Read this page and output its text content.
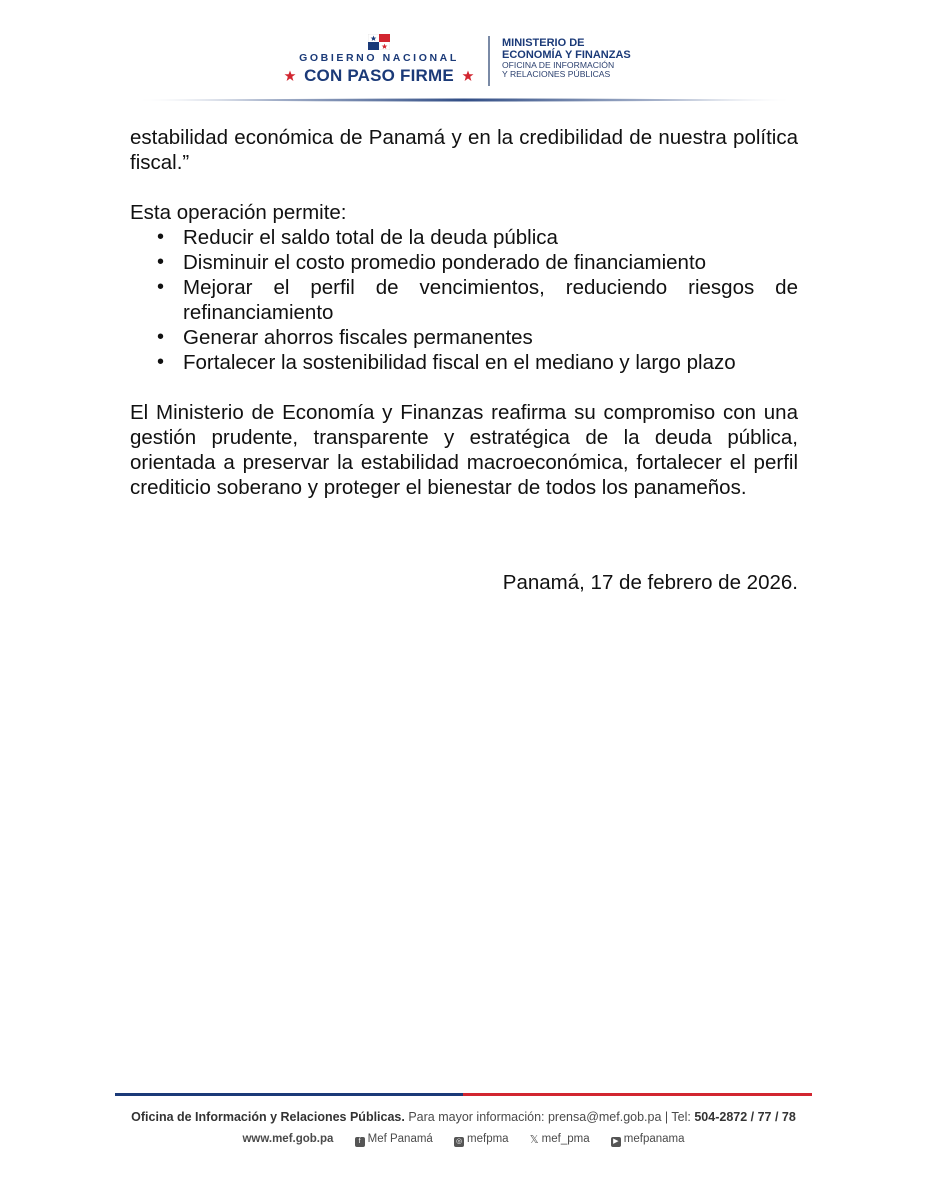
GOBIERNO NACIONAL
CON PASO FIRME
MINISTERIO DE
ECONOMÍA Y FINANZAS
OFICINA DE INFORMACIÓN
Y RELACIONES PÚBLICAS

estabilidad económica de Panamá y en la credibilidad de nuestra política fiscal.”

Esta operación permite:

• Reducir el saldo total de la deuda pública
• Disminuir el costo promedio ponderado de financiamiento
• Mejorar el perfil de vencimientos, reduciendo riesgos de refinanciamiento
• Generar ahorros fiscales permanentes
• Fortalecer la sostenibilidad fiscal en el mediano y largo plazo

El Ministerio de Economía y Finanzas reafirma su compromiso con una gestión prudente, transparente y estratégica de la deuda pública, orientada a preservar la estabilidad macroeconómica, fortalecer el perfil crediticio soberano y proteger el bienestar de todos los panameños.

Panamá, 17 de febrero de 2026.
Oficina de Información y Relaciones Públicas. Para mayor información: prensa@mef.gob.pa | Tel: 504-2872 / 77 / 78
www.mef.gob.pa	f Mef Panamá	◎ mefpma 𝕏 mef_pma	▶ mefpanama
